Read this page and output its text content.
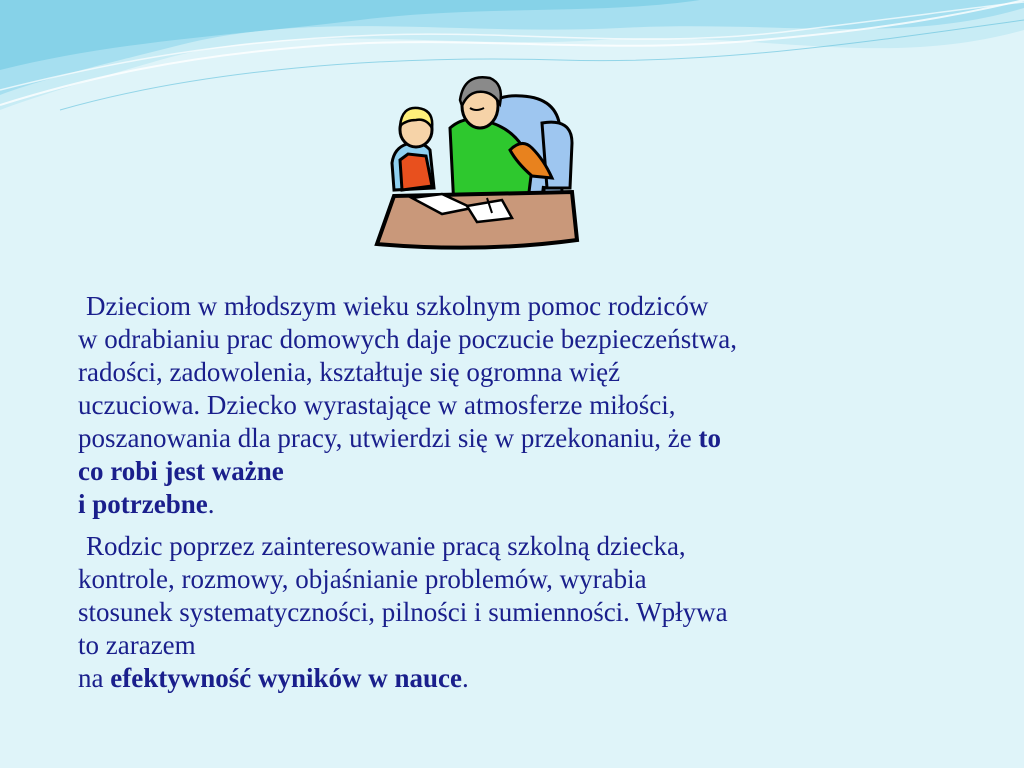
Dzieciom w młodszym wieku szkolnym pomoc rodziców
w odrabianiu prac domowych daje poczucie bezpieczeństwa,
radości, zadowolenia, kształtuje się ogromna więź
uczuciowa. Dziecko wyrastające w atmosferze miłości,
poszanowania dla pracy, utwierdzi się w przekonaniu, że to
co robi jest ważne
i potrzebne.

Rodzic poprzez zainteresowanie pracą szkolną dziecka,
kontrole, rozmowy, objaśnianie problemów, wyrabia
stosunek systematyczności, pilności i sumienności. Wpływa
to zarazem
na efektywność wyników w nauce.
